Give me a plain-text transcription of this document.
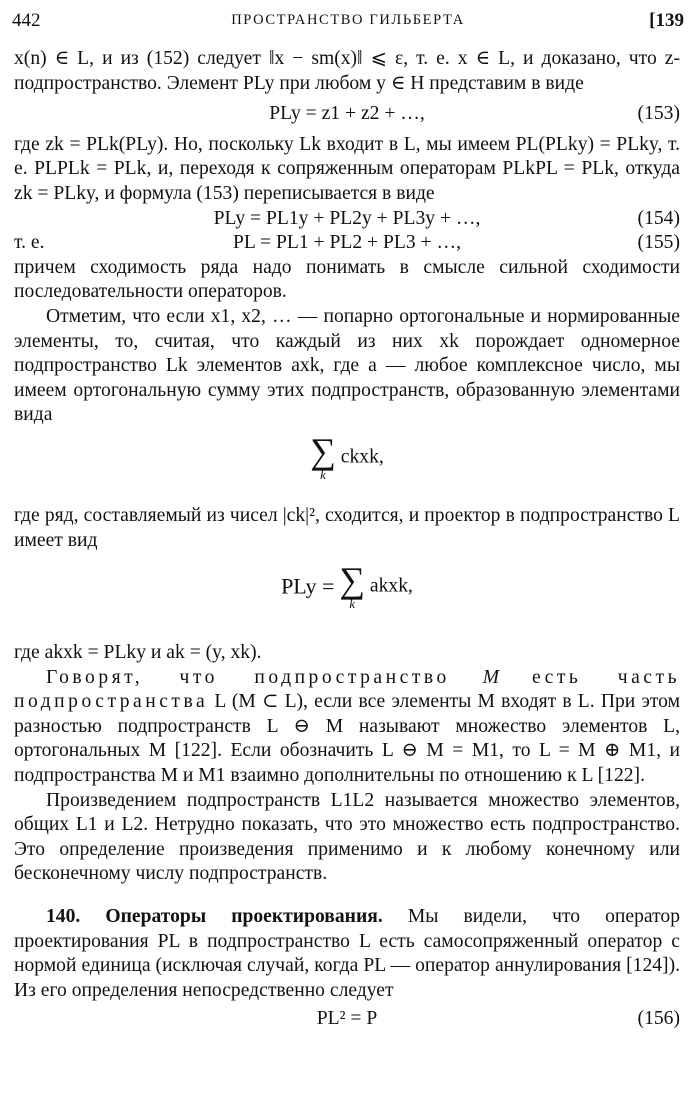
442	ПРОСТРАНСТВО ГИЛЬБЕРТА	[139

x(n) ∈ L, и из (152) следует ‖x − sm(x)‖ ⩽ ε, т. е. x ∈ L, и доказано, что z-подпространство. Элемент PLy при любом y ∈ H представим в виде

PLy = z1 + z2 + …,	(153)

где zk = PLk(PLy). Но, поскольку Lk входит в L, мы имеем PL(PLky) = PLky, т. е. PLPLk = PLk, и, переходя к сопряженным операторам PLkPL = PLk, откуда zk = PLky, и формула (153) переписывается в виде

PLy = PL1y + PL2y + PL3y + …,	(154)

т. е.	PL = PL1 + PL2 + PL3 + …,	(155)

причем сходимость ряда надо понимать в смысле сильной сходимости последовательности операторов.

Отметим, что если x1, x2, … — попарно ортогональные и нормированные элементы, то, считая, что каждый из них xk порождает одномерное подпространство Lk элементов axk, где a — любое комплексное число, мы имеем ортогональную сумму этих подпространств, образованную элементами вида

∑
k
ckxk,

где ряд, составляемый из чисел |ck|², сходится, и проектор в подпространство L имеет вид

PLy = ∑
k
akxk,

где akxk = PLky и ak = (y, xk).

Говорят, что подпространство M есть часть подпространства L (M ⊂ L), если все элементы M входят в L. При этом разностью подпространств L ⊖ M называют множество элементов L, ортогональных M [122]. Если обозначить L ⊖ M = M1, то L = M ⊕ M1, и подпространства M и M1 взаимно дополнительны по отношению к L [122].

Произведением подпространств L1L2 называется множество элементов, общих L1 и L2. Нетрудно показать, что это множество есть подпространство. Это определение произведения применимо и к любому конечному или бесконечному числу подпространств.

140. Операторы проектирования. Мы видели, что оператор проектирования PL в подпространство L есть самосопряженный оператор с нормой единица (исключая случай, когда PL — оператор аннулирования [124]). Из его определения непосредственно следует

PL² = P	(156)
